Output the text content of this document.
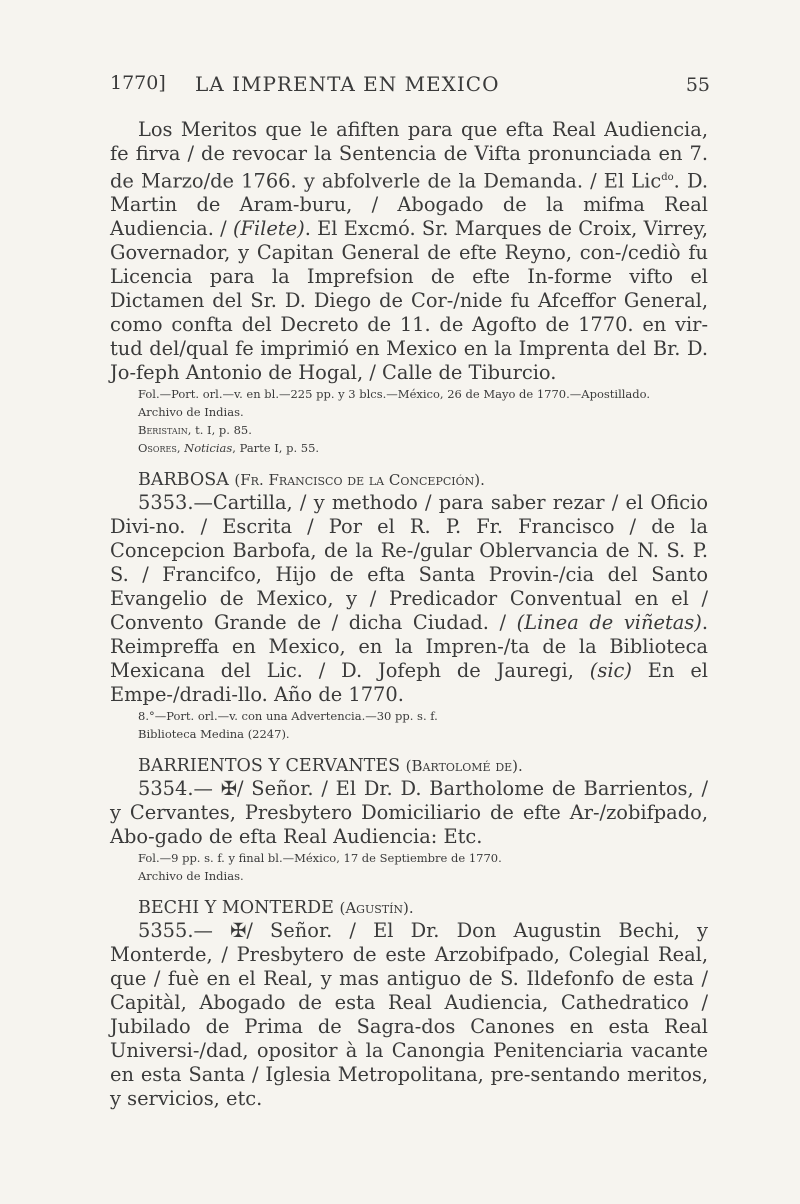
1770] LA IMPRENTA EN MEXICO	55

Los Meritos que le afiften para que efta Real Audiencia, fe firva / de revocar la Sentencia de Vifta pronunciada en 7. de Marzo/de 1766. y abfolverle de la Demanda. / El Lic$^{do}$. D. Martin de Aram-buru, / Abogado de la mifma Real Audiencia. / (Filete). El Excmó. Sr. Marques de Croix, Virrey, Governador, y Capitan General de efte Reyno, con-/cediò fu Licencia para la Imprefsion de efte In-forme vifto el Dictamen del Sr. D. Diego de Cor-/nide fu Afceffor General, como confta del Decreto de 11. de Agofto de 1770. en vir-tud del/qual fe imprimió en Mexico en la Imprenta del Br. D. Jo-feph Antonio de Hogal, / Calle de Tiburcio.

Fol.—Port. orl.—v. en bl.—225 pp. y 3 blcs.—México, 26 de Mayo de 1770.—Apostillado.

Archivo de Indias.

Beristain, t. I, p. 85.

Osores, Noticias, Parte I, p. 55.

BARBOSA (Fr. Francisco de la Concepción).

5353.—Cartilla, / y methodo / para saber rezar / el Oficio Divi-no. / Escrita / Por el R. P. Fr. Francisco / de la Concepcion Barbofa, de la Re-/gular Oblervancia de N. S. P. S. / Francifco, Hijo de efta Santa Provin-/cia del Santo Evangelio de Mexico, y / Predicador Conventual en el / Convento Grande de / dicha Ciudad. / (Linea de viñetas). Reimpreffa en Mexico, en la Impren-/ta de la Biblioteca Mexicana del Lic. / D. Jofeph de Jauregi, (sic) En el Empe-/dradi-llo. Año de 1770.

8.°—Port. orl.—v. con una Advertencia.—30 pp. s. f.

Biblioteca Medina (2247).

BARRIENTOS Y CERVANTES (Bartolomé de).

5354.— ✠/ Señor. / El Dr. D. Bartholome de Barrientos, / y Cervantes, Presbytero Domiciliario de efte Ar-/zobifpado, Abo-gado de efta Real Audiencia: Etc.

Fol.—9 pp. s. f. y final bl.—México, 17 de Septiembre de 1770.

Archivo de Indias.

BECHI Y MONTERDE (Agustín).

5355.— ✠/ Señor. / El Dr. Don Augustin Bechi, y Monterde, / Presbytero de este Arzobifpado, Colegial Real, que / fuè en el Real, y mas antiguo de S. Ildefonfo de esta / Capitàl, Abogado de esta Real Audiencia, Cathedratico / Jubilado de Prima de Sagra-dos Canones en esta Real Universi-/dad, opositor à la Canongia Penitenciaria vacante en esta Santa / Iglesia Metropolitana, pre-sentando meritos, y servicios, etc.
